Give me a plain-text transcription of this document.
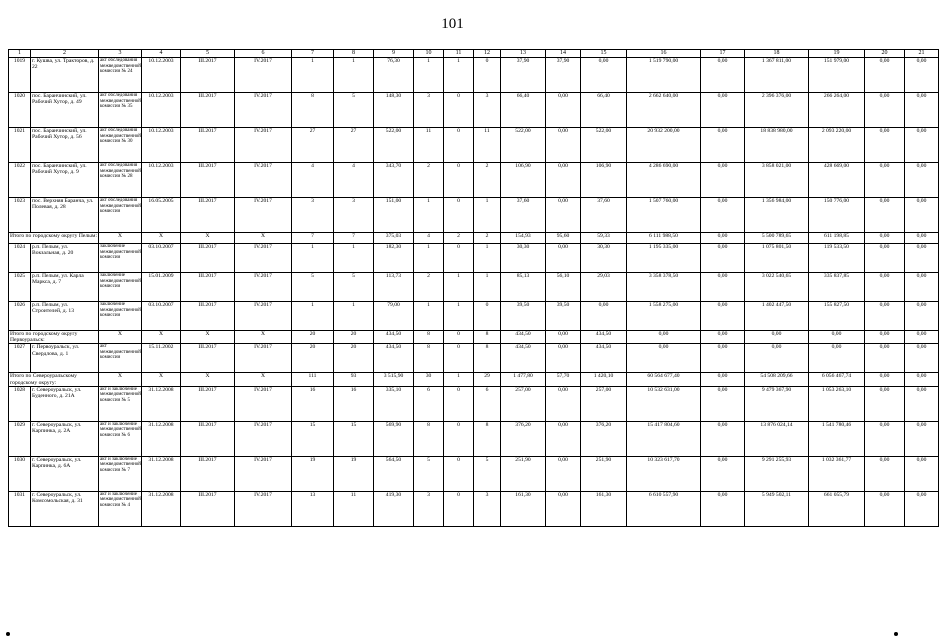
101
1	2	3	4	5	6	7	8	9	10	11	12	13	14	15	16	17	18	19	20	21
1019	г. Кушва, ул. Тракторов, д. 22	акт обследования межведомственной комиссии № 24	10.12.2003	III.2017	IV.2017	1	1	76,30	1	1	0	37,90	37,90	0,00	1 519 790,00	0,00	1 367 811,00	151 979,00	0,00	0,00
1020	пос. Баранчинский, ул. Рабочий Хутор, д. 49	акт обследования межведомственной комиссии № 35	10.12.2003	III.2017	IV.2017	8	5	148,30	3	0	3	66,40	0,00	66,40	2 662 640,00	0,00	2 396 376,00	266 264,00	0,00	0,00
1021	пос. Баранчинский, ул. Рабочий Хутор, д. 56	акт обследования межведомственной комиссии № 30	10.12.2003	III.2017	IV.2017	27	27	522,00	11	0	11	522,00	0,00	522,00	20 932 200,00	0,00	18 838 980,00	2 093 220,00	0,00	0,00
1022	пос. Баранчинский, ул. Рабочий Хутор, д. 9	акт обследования межведомственной комиссии № 28	10.12.2003	III.2017	IV.2017	4	4	343,70	2	0	2	106,90	0,00	106,90	4 286 690,00	0,00	3 858 021,00	428 669,00	0,00	0,00
1023	пос. Верхняя Баранча, ул. Полевая, д. 28	акт обследования межведомственной комиссии	16.05.2005	III.2017	IV.2017	3	3	151,00	1	0	1	37,60	0,00	37,60	1 507 760,00	0,00	1 356 984,00	150 776,00	0,00	0,00
Итого по городскому округу Пелым:		X	X	X	X	7	7	375,03	4	2	2	154,93	95,60	59,33	6 111 988,50	0,00	5 500 789,65	611 198,85	0,00	0,00
1024	р.п. Пелым, ул. Вокзальная, д. 20	заключение межведомственной комиссии	03.10.2007	III.2017	IV.2017	1	1	182,30	1	0	1	30,30	0,00	30,30	1 195 335,00	0,00	1 075 801,50	119 533,50	0,00	0,00
1025	р.п. Пелым, ул. Карла Маркса, д. 7	заключение межведомственной комиссии	15.01.2009	III.2017	IV.2017	5	5	113,73	2	1	1	85,13	56,10	29,03	3 358 378,50	0,00	3 022 540,65	335 837,85	0,00	0,00
1026	р.п. Пелым, ул. Строителей, д. 13	заключение межведомственной комиссии	03.10.2007	III.2017	IV.2017	1	1	79,00	1	1	0	39,50	39,50	0,00	1 558 275,00	0,00	1 402 447,50	155 827,50	0,00	0,00
Итого по городскому округу Первоуральск:		X	X	X	X	20	20	434,50	8	0	8	434,50	0,00	434,50	0,00	0,00	0,00	0,00	0,00	0,00
1027	г. Первоуральск, ул. Свердлова, д. 1	акт межведомственной комиссии	15.11.2002	III.2017	IV.2017	20	20	434,50	8	0	8	434,50	0,00	434,50	0,00	0,00	0,00	0,00	0,00	0,00
Итого по Североуральскому городскому округу:		X	X	X	X	111	93	3 515,90	30	1	29	1 477,80	57,70	1 420,10	60 564 677,40	0,00	54 508 209,66	6 056 467,74	0,00	0,00
1028	г. Североуральск, ул. Буденного, д. 21А	акт и заключение межведомственной комиссии № 5	31.12.2008	III.2017	IV.2017	16	16	335,10	6	0	6	257,00	0,00	257,00	10 532 631,00	0,00	9 479 367,90	1 053 263,10	0,00	0,00
1029	г. Североуральск, ул. Карпинка, д. 2А	акт и заключение межведомственной комиссии № 6	31.12.2008	III.2017	IV.2017	15	15	569,90	8	0	8	376,20	0,00	376,20	15 417 804,60	0,00	13 876 024,14	1 541 780,46	0,00	0,00
1030	г. Североуральск, ул. Карпинка, д. 6А	акт и заключение межведомственной комиссии № 7	31.12.2008	III.2017	IV.2017	19	19	564,50	5	0	5	251,90	0,00	251,90	10 323 617,70	0,00	9 291 255,93	1 032 361,77	0,00	0,00
1031	г. Североуральск, ул. Комсомольская, д. 31	акт и заключение межведомственной комиссии № 4	31.12.2008	III.2017	IV.2017	13	11	419,30	3	0	3	161,30	0,00	161,30	6 610 557,90	0,00	5 949 502,11	661 055,79	0,00	0,00
